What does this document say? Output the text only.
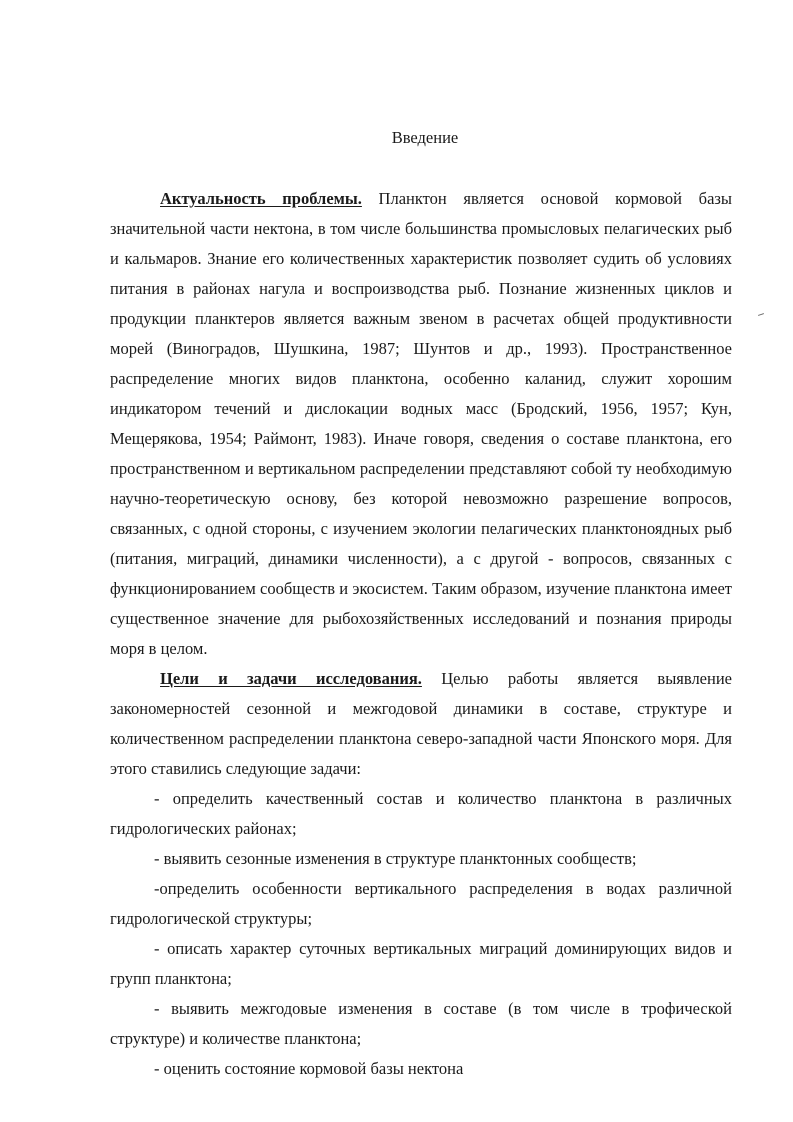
Введение

Актуальность проблемы. Планктон является основой кормовой базы значительной части нектона, в том числе большинства промысловых пелагических рыб и кальмаров. Знание его количественных характеристик позволяет судить об условиях питания в районах нагула и воспроизводства рыб. Познание жизненных циклов и продукции планктеров является важным звеном в расчетах общей продуктивности морей (Виноградов, Шушкина, 1987; Шунтов и др., 1993). Пространственное распределение многих видов планктона, особенно каланид, служит хорошим индикатором течений и дислокации водных масс (Бродский, 1956, 1957; Кун, Мещерякова, 1954; Раймонт, 1983). Иначе говоря, сведения о составе планктона, его пространственном и вертикальном распределении представляют собой ту необходимую научно-теоретическую основу, без которой невозможно разрешение вопросов, связанных, с одной стороны, с изучением экологии пелагических планктоноядных рыб (питания, миграций, динамики численности), а с другой - вопросов, связанных с функционированием сообществ и экосистем. Таким образом, изучение планктона имеет существенное значение для рыбохозяйственных исследований и познания природы моря в целом.

Цели и задачи исследования. Целью работы является выявление закономерностей сезонной и межгодовой динамики в составе, структуре и количественном распределении планктона северо-западной части Японского моря. Для этого ставились следующие задачи:

- определить качественный состав и количество планктона в различных гидрологических районах;

- выявить сезонные изменения в структуре планктонных сообществ;

-определить особенности вертикального распределения в водах различной гидрологической структуры;

- описать характер суточных вертикальных миграций доминирующих видов и групп планктона;

- выявить межгодовые изменения в составе (в том числе в трофической структуре) и количестве планктона;

- оценить состояние кормовой базы нектона
